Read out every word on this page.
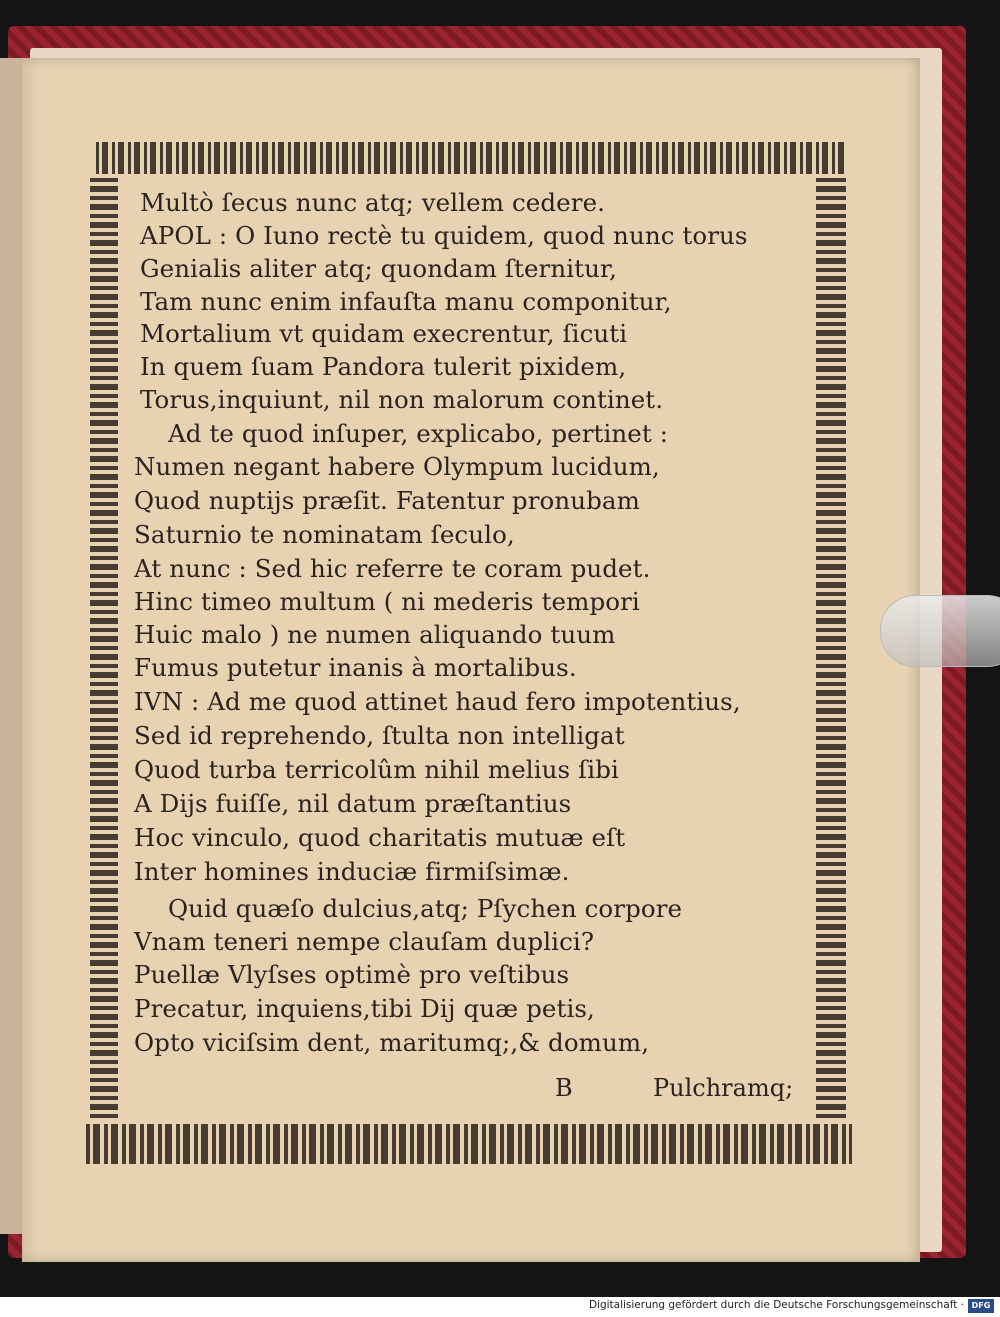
Multò ſecus nunc atq; vellem cedere.
APOL : O Iuno rectè tu quidem, quod nunc torus
Genialis aliter atq; quondam ſternitur,
Tam nunc enim infauſta manu componitur,
Mortalium vt quidam execrentur, ſicuti
In quem ſuam Pandora tulerit pixidem,
Torus,inquiunt, nil non malorum continet.
Ad te quod inſuper, explicabo, pertinet :
Numen negant habere Olympum lucidum,
Quod nuptijs præſit. Fatentur pronubam
Saturnio te nominatam ſeculo,
At nunc : Sed hic referre te coram pudet.
Hinc timeo multum ( ni mederis tempori
Huic malo ) ne numen aliquando tuum
Fumus putetur inanis à mortalibus.
IVN : Ad me quod attinet haud fero impotentius,
Sed id reprehendo, ſtulta non intelligat
Quod turba terricolûm nihil melius ſibi
A Dijs fuiſſe, nil datum præſtantius
Hoc vinculo, quod charitatis mutuæ eſt
Inter homines induciæ firmiſsimæ.
Quid quæſo dulcius,atq; Pſychen corpore
Vnam teneri nempe clauſam duplici?
Puellæ Vlyſses optimè pro veſtibus
Precatur, inquiens,tibi Dij quæ petis,
Opto viciſsim dent, maritumq;,& domum,
B	Pulchramq;
Digitalisierung gefördert durch die Deutsche Forschungsgemeinschaft · DFG
